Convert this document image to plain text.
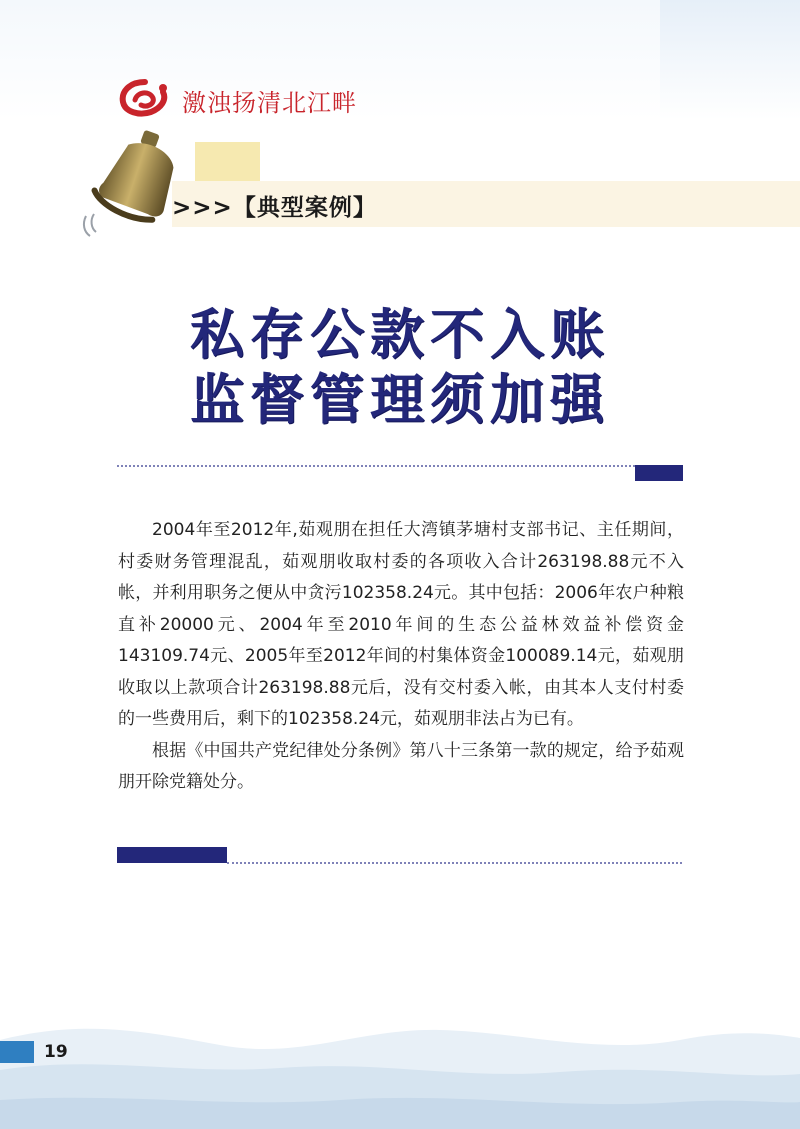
激浊扬清北江畔
>>>【典型案例】
私存公款不入账
监督管理须加强

2004年至2012年,茹观朋在担任大湾镇茅塘村支部书记、主任期间，村委财务管理混乱，茹观朋收取村委的各项收入合计263198.88元不入帐，并利用职务之便从中贪污102358.24元。其中包括：2006年农户种粮直补20000元、2004年至2010年间的生态公益林效益补偿资金143109.74元、2005年至2012年间的村集体资金100089.14元，茹观朋收取以上款项合计263198.88元后，没有交村委入帐，由其本人支付村委的一些费用后，剩下的102358.24元，茹观朋非法占为已有。

根据《中国共产党纪律处分条例》第八十三条第一款的规定，给予茹观朋开除党籍处分。

19
